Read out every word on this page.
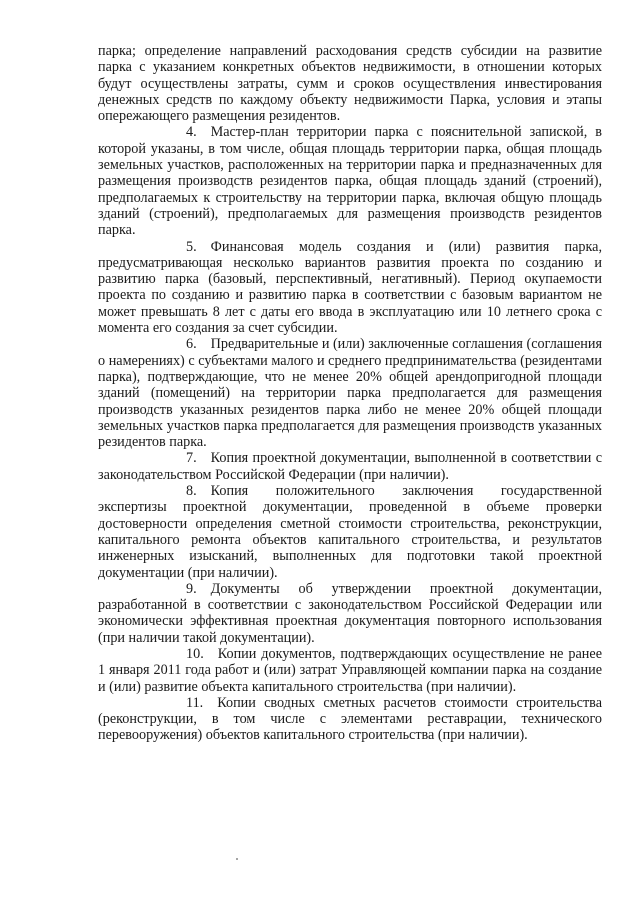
парка; определение направлений расходования средств субсидии на развитие парка с указанием конкретных объектов недвижимости, в отношении которых будут осуществлены затраты, сумм и сроков осуществления инвестирования денежных средств по каждому объекту недвижимости Парка, условия и этапы опережающего размещения резидентов.

4. Мастер-план территории парка с пояснительной запиской, в которой указаны, в том числе, общая площадь территории парка, общая площадь земельных участков, расположенных на территории парка и предназначенных для размещения производств резидентов парка, общая площадь зданий (строений), предполагаемых к строительству на территории парка, включая общую площадь зданий (строений), предполагаемых для размещения производств резидентов парка.

5. Финансовая модель создания и (или) развития парка, предусматривающая несколько вариантов развития проекта по созданию и развитию парка (базовый, перспективный, негативный). Период окупаемости проекта по созданию и развитию парка в соответствии с базовым вариантом не может превышать 8 лет с даты его ввода в эксплуатацию или 10 летнего срока с момента его создания за счет субсидии.

6. Предварительные и (или) заключенные соглашения (соглашения о намерениях) с субъектами малого и среднего предпринимательства (резидентами парка), подтверждающие, что не менее 20% общей арендопригодной площади зданий (помещений) на территории парка предполагается для размещения производств указанных резидентов парка либо не менее 20% общей площади земельных участков парка предполагается для размещения производств указанных резидентов парка.

7. Копия проектной документации, выполненной в соответствии с законодательством Российской Федерации (при наличии).

8. Копия положительного заключения государственной экспертизы проектной документации, проведенной в объеме проверки достоверности определения сметной стоимости строительства, реконструкции, капитального ремонта объектов капитального строительства, и результатов инженерных изысканий, выполненных для подготовки такой проектной документации (при наличии).

9. Документы об утверждении проектной документации, разработанной в соответствии с законодательством Российской Федерации или экономически эффективная проектная документация повторного использования (при наличии такой документации).

10. Копии документов, подтверждающих осуществление не ранее 1 января 2011 года работ и (или) затрат Управляющей компании парка на создание и (или) развитие объекта капитального строительства (при наличии).

11. Копии сводных сметных расчетов стоимости строительства (реконструкции, в том числе с элементами реставрации, технического перевооружения) объектов капитального строительства (при наличии).
